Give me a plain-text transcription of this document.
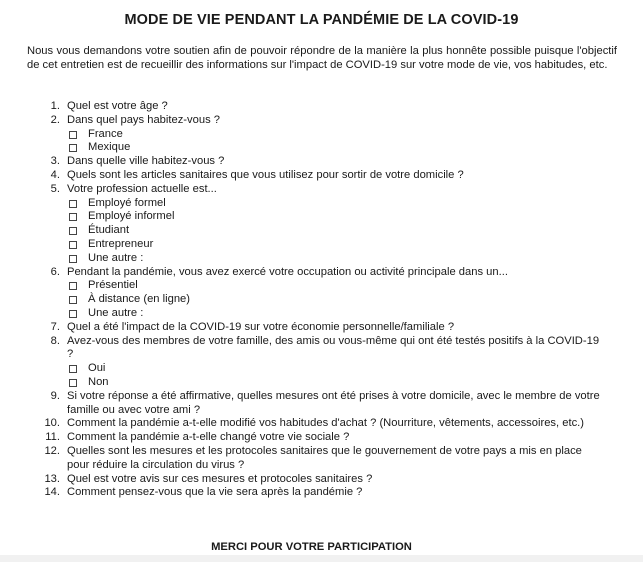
MODE DE VIE PENDANT LA PANDÉMIE DE LA COVID-19
Nous vous demandons votre soutien afin de pouvoir répondre de la manière la plus honnête possible puisque l'objectif de cet entretien est de recueillir des informations sur l'impact de COVID-19 sur votre mode de vie, vos habitudes, etc.
1. Quel est votre âge ?
2. Dans quel pays habitez-vous ?
France
Mexique
3. Dans quelle ville habitez-vous ?
4. Quels sont les articles sanitaires que vous utilisez pour sortir de votre domicile ?
5. Votre profession actuelle est...
Employé formel
Employé informel
Étudiant
Entrepreneur
Une autre :
6. Pendant la pandémie, vous avez exercé votre occupation ou activité principale dans un...
Présentiel
À distance (en ligne)
Une autre :
7. Quel a été l'impact de la COVID-19 sur votre économie personnelle/familiale ?
8. Avez-vous des membres de votre famille, des amis ou vous-même qui ont été testés positifs à la COVID-19 ?
Oui
Non
9. Si votre réponse a été affirmative, quelles mesures ont été prises à votre domicile, avec le membre de votre famille ou avec votre ami ?
10. Comment la pandémie a-t-elle modifié vos habitudes d'achat ? (Nourriture, vêtements, accessoires, etc.)
11. Comment la pandémie a-t-elle changé votre vie sociale ?
12. Quelles sont les mesures et les protocoles sanitaires que le gouvernement de votre pays a mis en place pour réduire la circulation du virus ?
13. Quel est votre avis sur ces mesures et protocoles sanitaires ?
14. Comment pensez-vous que la vie sera après la pandémie ?
MERCI POUR VOTRE PARTICIPATION
